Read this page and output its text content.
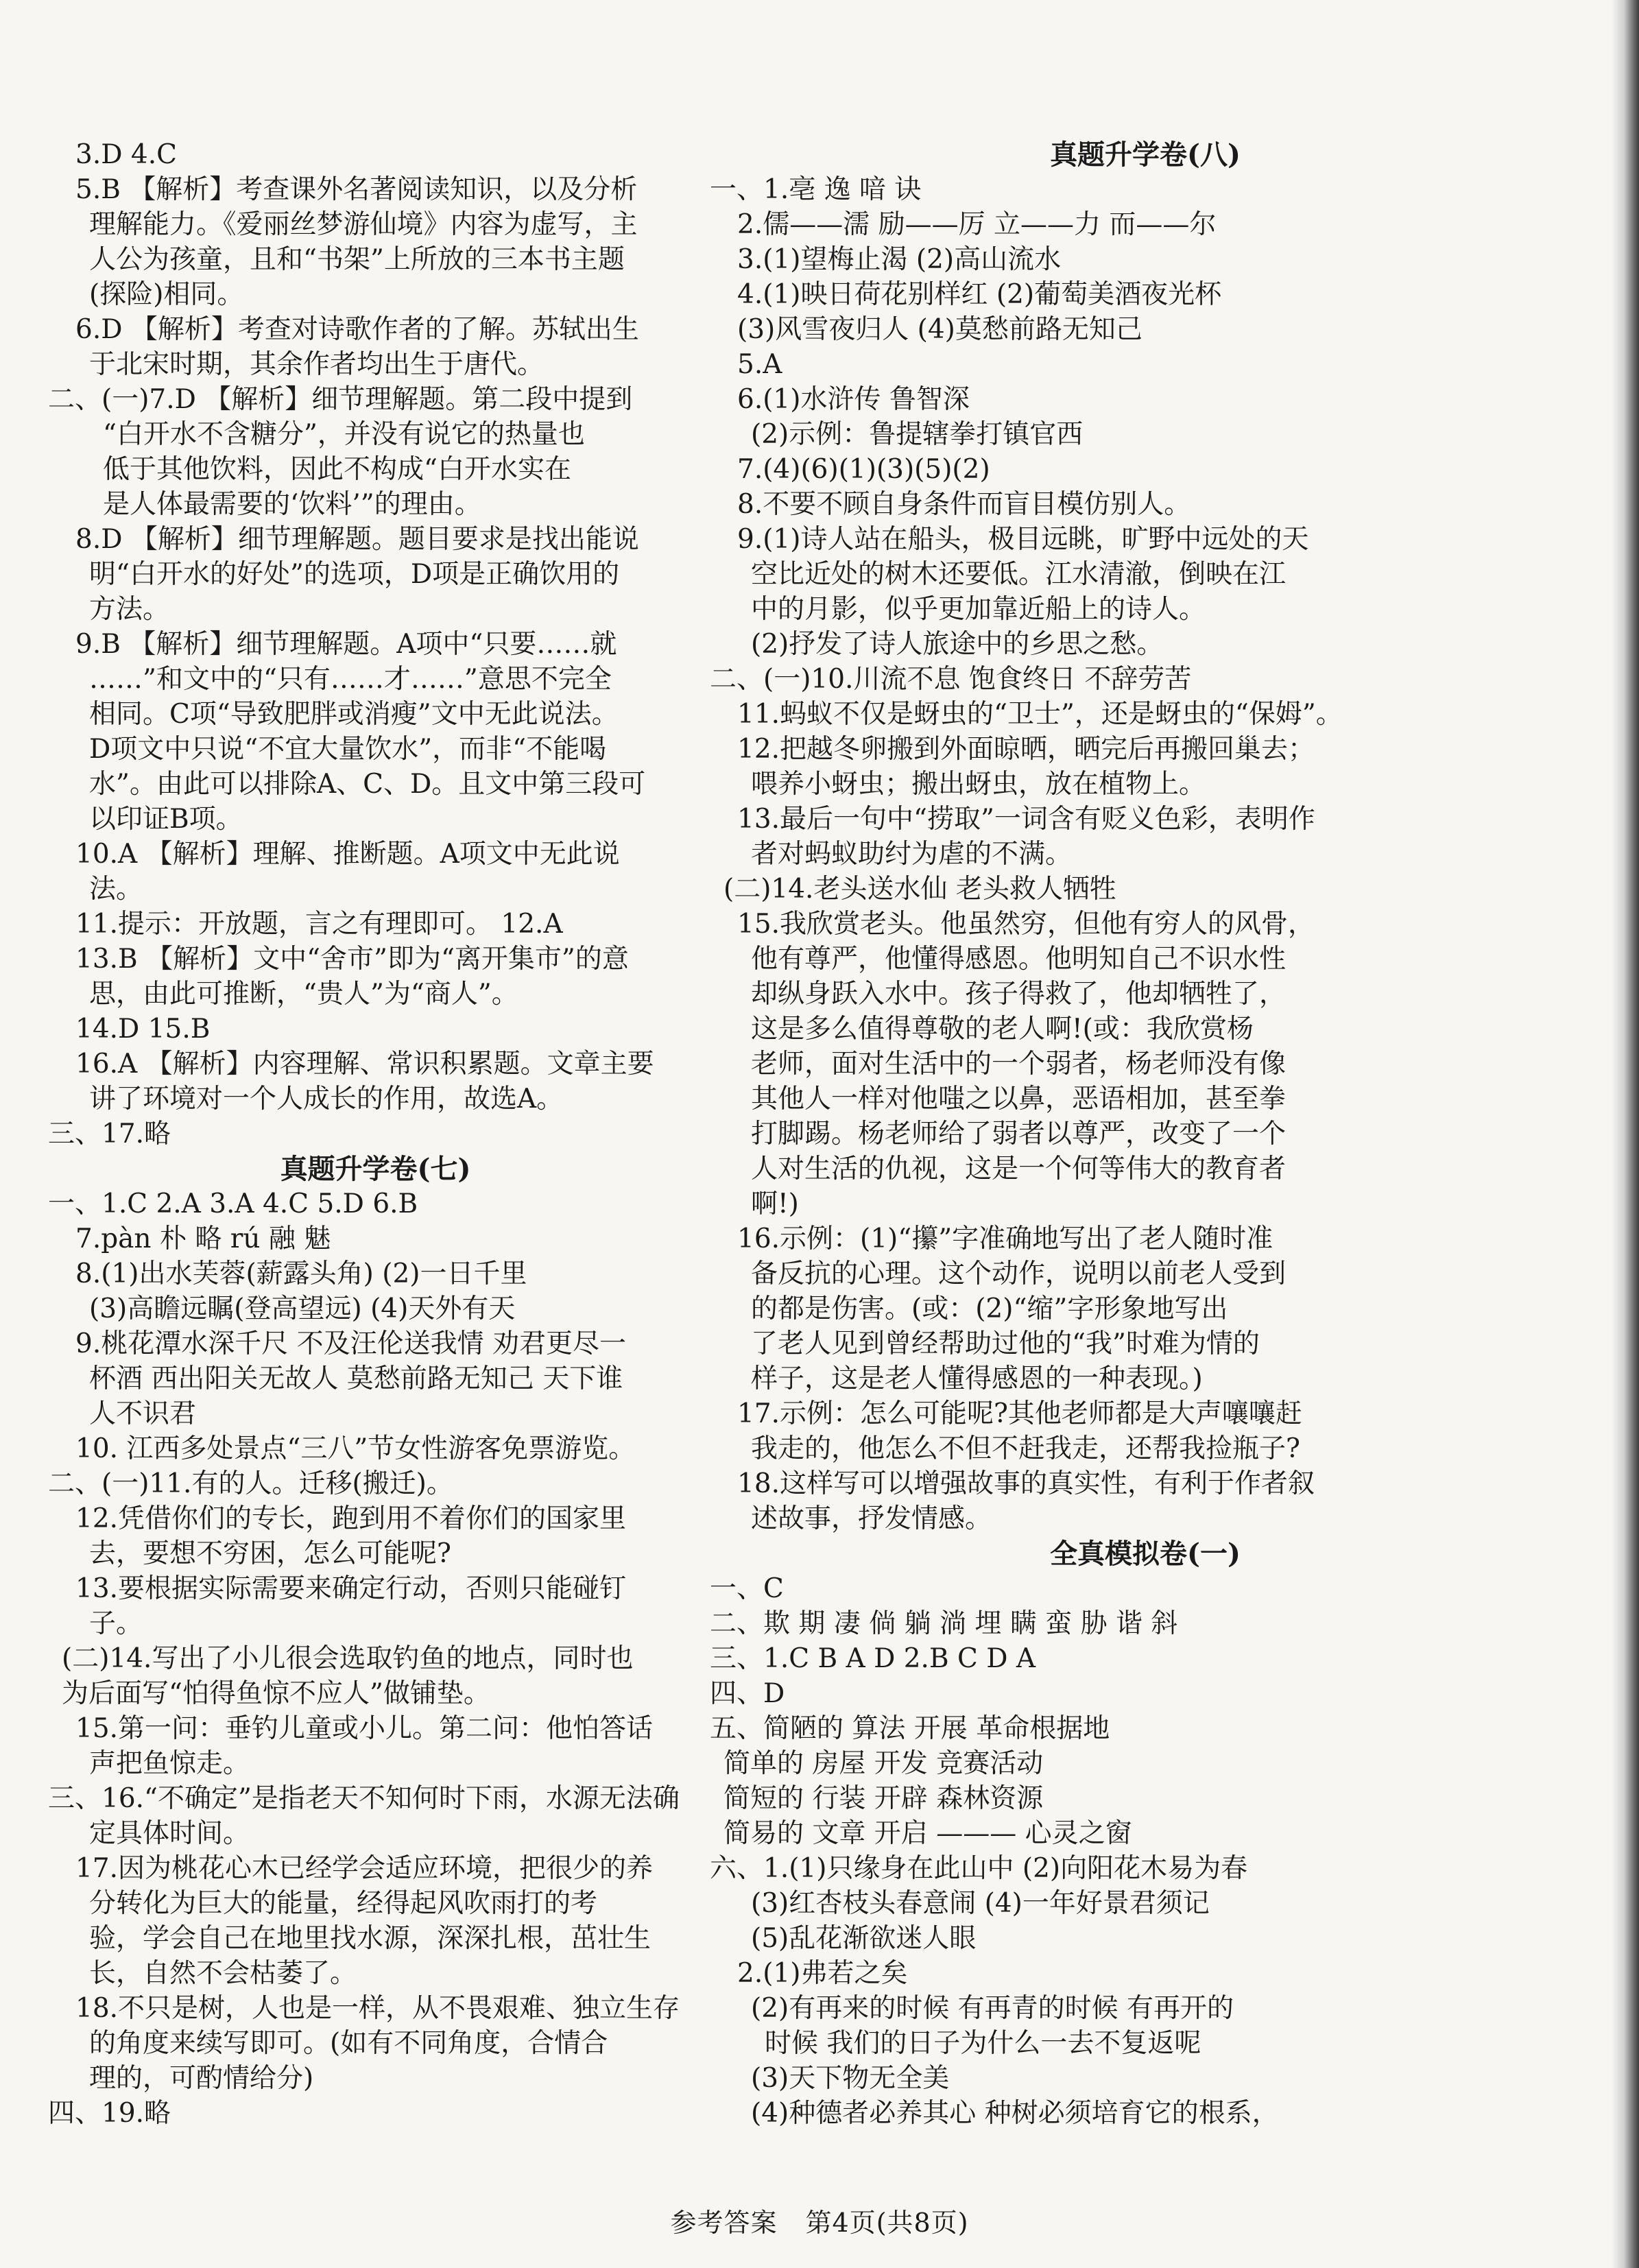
3.D 4.C
5.B 【解析】考查课外名著阅读知识，以及分析
理解能力。《爱丽丝梦游仙境》内容为虚写，主
人公为孩童，且和“书架”上所放的三本书主题
(探险)相同。
6.D 【解析】考查对诗歌作者的了解。苏轼出生
于北宋时期，其余作者均出生于唐代。
二、(一)7.D 【解析】细节理解题。第二段中提到
“白开水不含糖分”，并没有说它的热量也
低于其他饮料，因此不构成“白开水实在
是人体最需要的‘饮料’”的理由。
8.D 【解析】细节理解题。题目要求是找出能说
明“白开水的好处”的选项，D项是正确饮用的
方法。
9.B 【解析】细节理解题。A项中“只要……就
……”和文中的“只有……才……”意思不完全
相同。C项“导致肥胖或消瘦”文中无此说法。
D项文中只说“不宜大量饮水”，而非“不能喝
水”。由此可以排除A、C、D。且文中第三段可
以印证B项。
10.A 【解析】理解、推断题。A项文中无此说
法。
11.提示：开放题，言之有理即可。 12.A
13.B 【解析】文中“舍市”即为“离开集市”的意
思，由此可推断，“贵人”为“商人”。
14.D 15.B
16.A 【解析】内容理解、常识积累题。文章主要
讲了环境对一个人成长的作用，故选A。
三、17.略
真题升学卷(七)
一、1.C 2.A 3.A 4.C 5.D 6.B
7.pàn 朴 略 rú 融 魅
8.(1)出水芙蓉(薪露头角) (2)一日千里
(3)高瞻远瞩(登高望远) (4)天外有天
9.桃花潭水深千尺 不及汪伦送我情 劝君更尽一
杯酒 西出阳关无故人 莫愁前路无知己 天下谁
人不识君
10. 江西多处景点“三八”节女性游客免票游览。
二、(一)11.有的人。迁移(搬迁)。
12.凭借你们的专长，跑到用不着你们的国家里
去，要想不穷困，怎么可能呢?
13.要根据实际需要来确定行动，否则只能碰钉
子。
(二)14.写出了小儿很会选取钓鱼的地点，同时也
为后面写“怕得鱼惊不应人”做铺垫。
15.第一问：垂钓儿童或小儿。第二问：他怕答话
声把鱼惊走。
三、16.“不确定”是指老天不知何时下雨，水源无法确
定具体时间。
17.因为桃花心木已经学会适应环境，把很少的养
分转化为巨大的能量，经得起风吹雨打的考
验，学会自己在地里找水源，深深扎根，茁壮生
长，自然不会枯萎了。
18.不只是树，人也是一样，从不畏艰难、独立生存
的角度来续写即可。(如有不同角度，合情合
理的，可酌情给分)
四、19.略
真题升学卷(八)
一、1.亳 逸 喑 诀
2.儒——濡 励——厉 立——力 而——尔
3.(1)望梅止渴 (2)高山流水
4.(1)映日荷花别样红 (2)葡萄美酒夜光杯
(3)风雪夜归人 (4)莫愁前路无知己
5.A
6.(1)水浒传 鲁智深
(2)示例：鲁提辖拳打镇官西
7.(4)(6)(1)(3)(5)(2)
8.不要不顾自身条件而盲目模仿别人。
9.(1)诗人站在船头，极目远眺，旷野中远处的天
空比近处的树木还要低。江水清澈，倒映在江
中的月影，似乎更加靠近船上的诗人。
(2)抒发了诗人旅途中的乡思之愁。
二、(一)10.川流不息 饱食终日 不辞劳苦
11.蚂蚁不仅是蚜虫的“卫士”，还是蚜虫的“保姆”。
12.把越冬卵搬到外面晾晒，晒完后再搬回巢去；
喂养小蚜虫；搬出蚜虫，放在植物上。
13.最后一句中“捞取”一词含有贬义色彩，表明作
者对蚂蚁助纣为虐的不满。
(二)14.老头送水仙 老头救人牺牲
15.我欣赏老头。他虽然穷，但他有穷人的风骨，
他有尊严，他懂得感恩。他明知自己不识水性
却纵身跃入水中。孩子得救了，他却牺牲了，
这是多么值得尊敬的老人啊!(或：我欣赏杨
老师，面对生活中的一个弱者，杨老师没有像
其他人一样对他嗤之以鼻，恶语相加，甚至拳
打脚踢。杨老师给了弱者以尊严，改变了一个
人对生活的仇视，这是一个何等伟大的教育者
啊!)
16.示例：(1)“攥”字准确地写出了老人随时准
备反抗的心理。这个动作，说明以前老人受到
的都是伤害。(或：(2)“缩”字形象地写出
了老人见到曾经帮助过他的“我”时难为情的
样子，这是老人懂得感恩的一种表现。)
17.示例：怎么可能呢?其他老师都是大声嚷嚷赶
我走的，他怎么不但不赶我走，还帮我捡瓶子?
18.这样写可以增强故事的真实性，有利于作者叙
述故事，抒发情感。
全真模拟卷(一)
一、C
二、欺 期 凄 倘 躺 淌 埋 瞒 蛮 胁 谐 斜
三、1.C B A D 2.B C D A
四、D
五、简陋的 算法 开展 革命根据地
简单的 房屋 开发 竞赛活动
简短的 行装 开辟 森林资源
简易的 文章 开启 ——— 心灵之窗
六、1.(1)只缘身在此山中 (2)向阳花木易为春
(3)红杏枝头春意闹 (4)一年好景君须记
(5)乱花渐欲迷人眼
2.(1)弗若之矣
(2)有再来的时候 有再青的时候 有再开的
时候 我们的日子为什么一去不复返呢
(3)天下物无全美
(4)种德者必养其心 种树必须培育它的根系，
参考答案 第4页(共8页)
